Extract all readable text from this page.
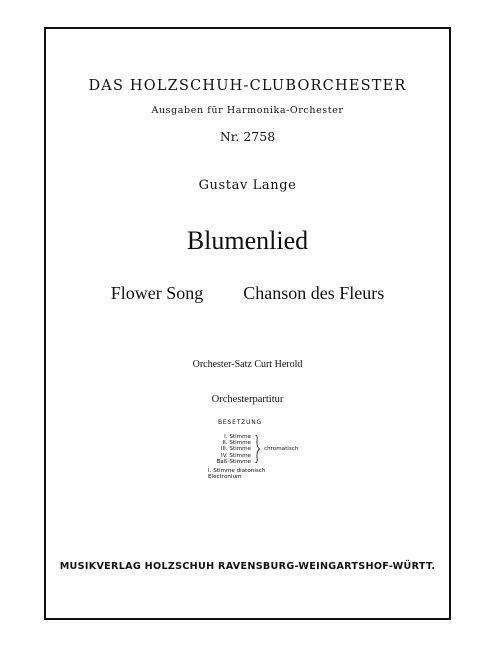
DAS HOLZSCHUH-CLUBORCHESTER
Ausgaben für Harmonika-Orchester
Nr. 2758
Gustav Lange
Blumenlied
Flower Song Chanson des Fleurs
Orchester-Satz Curt Herold
Orchesterpartitur
BESETZUNG
I. Stimme
II. Stimme
III. Stimme
IV. Stimme
Baß-Stimme
chromatisch
I. Stimme diatonisch
Electronium
MUSIKVERLAG HOLZSCHUH RAVENSBURG-WEINGARTSHOF-WÜRTT.
